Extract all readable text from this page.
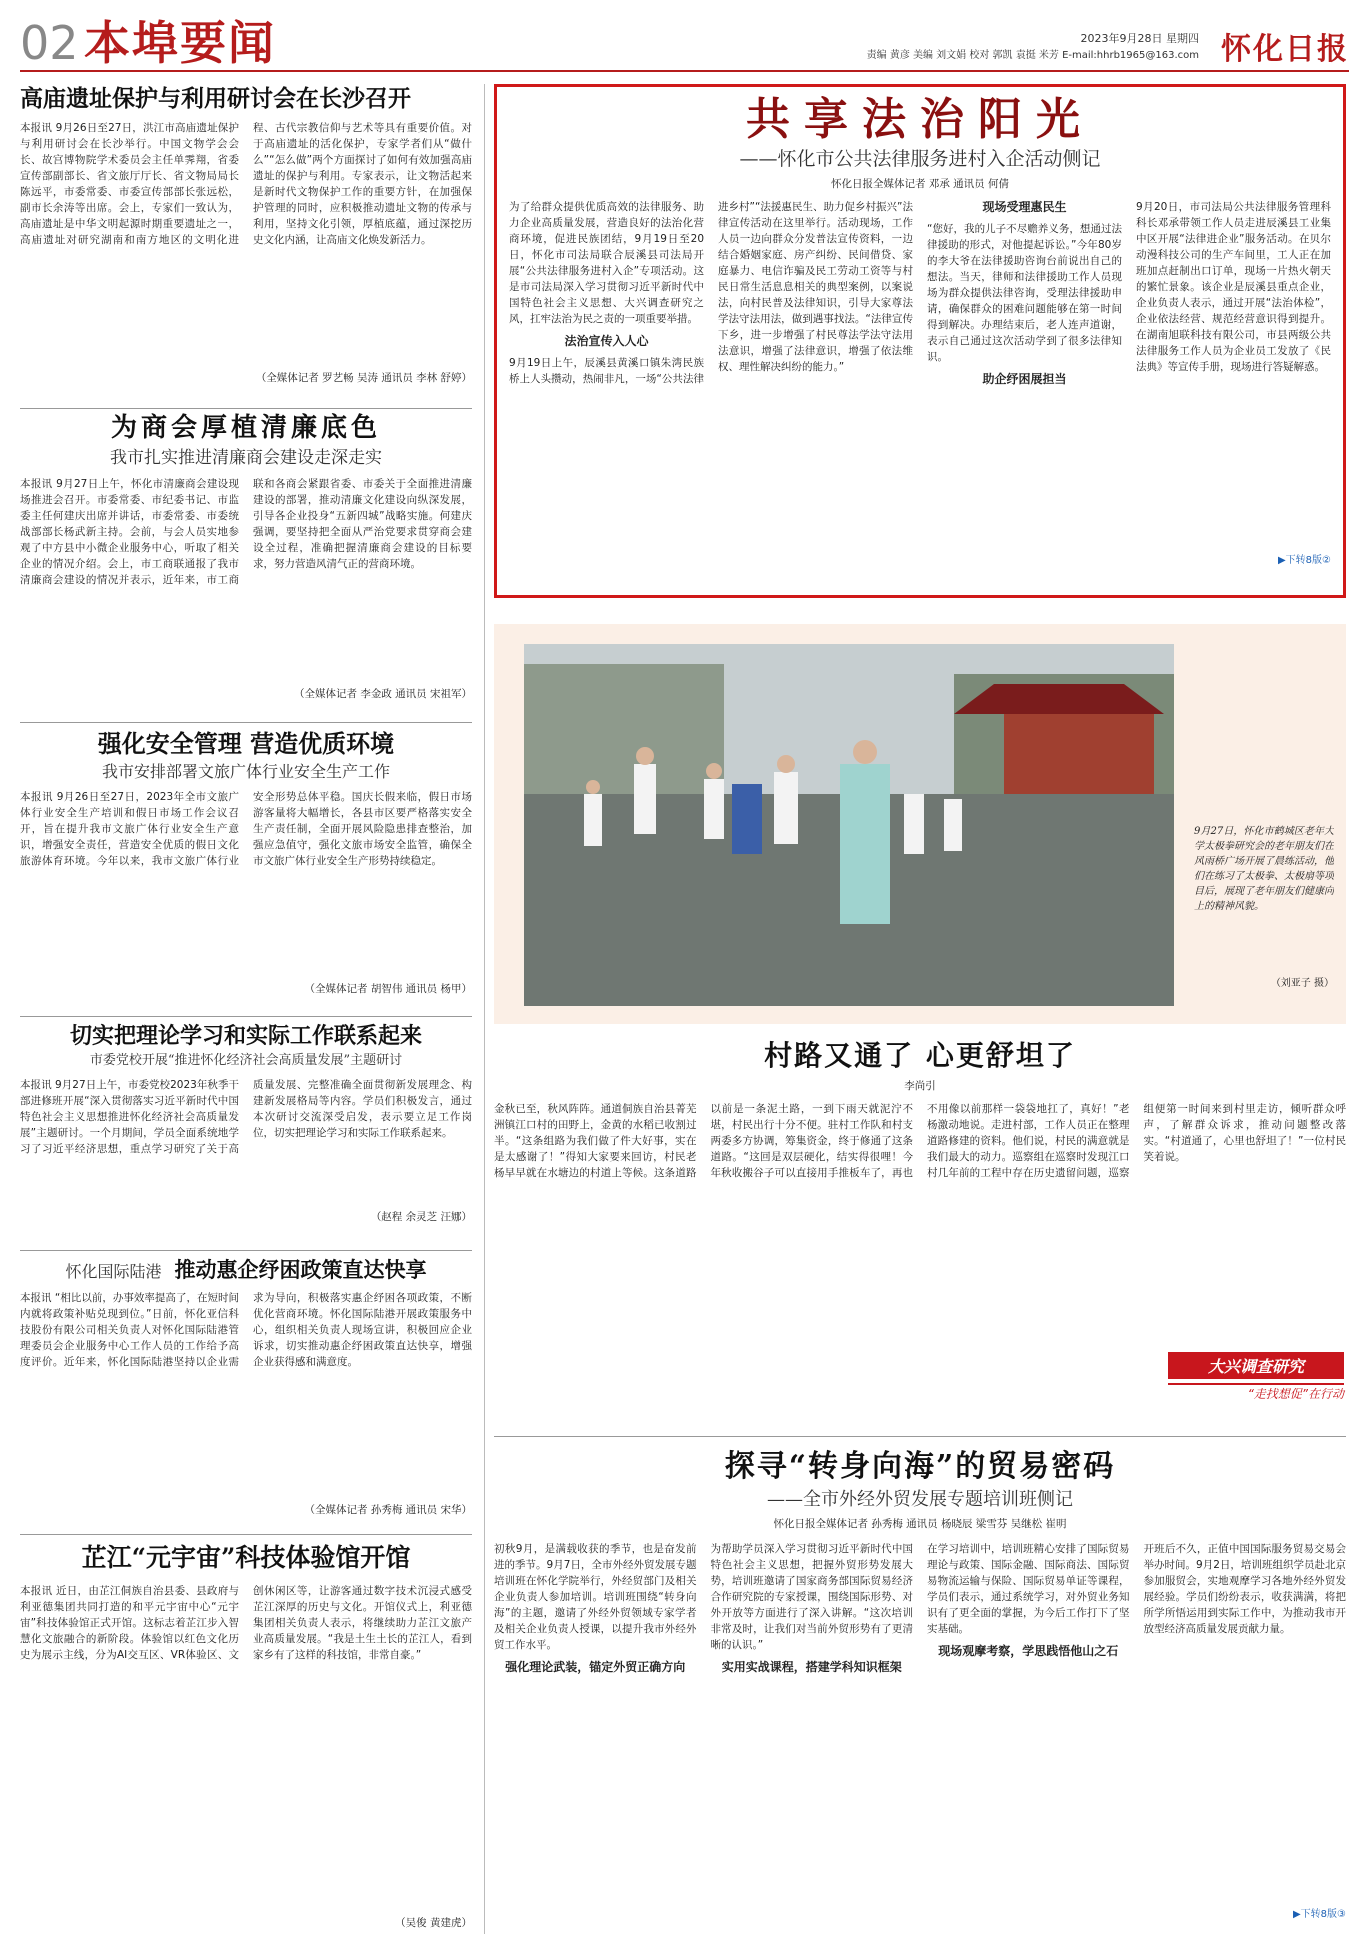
02 本埠要闻	2023年9月28日 星期四
责编 黄彦 美编 刘文娟 校对 郭凯 袁挺 米芳 E-mail:hhrb1965@163.com 怀化日报
高庙遗址保护与利用研讨会在长沙召开
本报讯 9月26日至27日，洪江市高庙遗址保护与利用研讨会在长沙举行。中国文物学会会长、故宫博物院学术委员会主任单霁翔，省委宣传部副部长、省文旅厅厅长、省文物局局长陈远平，市委常委、市委宣传部部长张远松，副市长余涛等出席。会上，专家们一致认为，高庙遗址是中华文明起源时期重要遗址之一，高庙遗址对研究湖南和南方地区的文明化进程、古代宗教信仰与艺术等具有重要价值。对于高庙遗址的活化保护，专家学者们从“做什么”“怎么做”两个方面探讨了如何有效加强高庙遗址的保护与利用。专家表示，让文物活起来是新时代文物保护工作的重要方针，在加强保护管理的同时，应积极推动遗址文物的传承与利用，坚持文化引领，厚植底蕴，通过深挖历史文化内涵，让高庙文化焕发新活力。
（全媒体记者 罗艺畅 吴涛 通讯员 李林 舒婷）
为商会厚植清廉底色
我市扎实推进清廉商会建设走深走实
本报讯 9月27日上午，怀化市清廉商会建设现场推进会召开。市委常委、市纪委书记、市监委主任何建庆出席并讲话，市委常委、市委统战部部长杨武新主持。会前，与会人员实地参观了中方县中小微企业服务中心，听取了相关企业的情况介绍。会上，市工商联通报了我市清廉商会建设的情况并表示，近年来，市工商联和各商会紧跟省委、市委关于全面推进清廉建设的部署，推动清廉文化建设向纵深发展，引导各企业投身“五新四城”战略实施。何建庆强调，要坚持把全面从严治党要求贯穿商会建设全过程，准确把握清廉商会建设的目标要求，努力营造风清气正的营商环境。
（全媒体记者 李金政 通讯员 宋祖军）
强化安全管理 营造优质环境
我市安排部署文旅广体行业安全生产工作
本报讯 9月26日至27日，2023年全市文旅广体行业安全生产培训和假日市场工作会议召开，旨在提升我市文旅广体行业安全生产意识，增强安全责任，营造安全优质的假日文化旅游体育环境。今年以来，我市文旅广体行业安全形势总体平稳。国庆长假来临，假日市场游客量将大幅增长，各县市区要严格落实安全生产责任制，全面开展风险隐患排查整治，加强应急值守，强化文旅市场安全监管，确保全市文旅广体行业安全生产形势持续稳定。
（全媒体记者 胡智伟 通讯员 杨甲）
切实把理论学习和实际工作联系起来
市委党校开展“推进怀化经济社会高质量发展”主题研讨
本报讯 9月27日上午，市委党校2023年秋季干部进修班开展“深入贯彻落实习近平新时代中国特色社会主义思想推进怀化经济社会高质量发展”主题研讨。一个月期间，学员全面系统地学习了习近平经济思想，重点学习研究了关于高质量发展、完整准确全面贯彻新发展理念、构建新发展格局等内容。学员们积极发言，通过本次研讨交流深受启发，表示要立足工作岗位，切实把理论学习和实际工作联系起来。
（赵程 余灵芝 汪娜）
怀化国际陆港 推动惠企纾困政策直达快享
本报讯 “相比以前，办事效率提高了，在短时间内就将政策补贴兑现到位。”日前，怀化亚信科技股份有限公司相关负责人对怀化国际陆港管理委员会企业服务中心工作人员的工作给予高度评价。近年来，怀化国际陆港坚持以企业需求为导向，积极落实惠企纾困各项政策，不断优化营商环境。怀化国际陆港开展政策服务中心，组织相关负责人现场宣讲，积极回应企业诉求，切实推动惠企纾困政策直达快享，增强企业获得感和满意度。
（全媒体记者 孙秀梅 通讯员 宋华）
芷江“元宇宙”科技体验馆开馆
本报讯 近日，由芷江侗族自治县委、县政府与利亚德集团共同打造的和平元宇宙中心“元宇宙”科技体验馆正式开馆。这标志着芷江步入智慧化文旅融合的新阶段。体验馆以红色文化历史为展示主线，分为AI交互区、VR体验区、文创休闲区等，让游客通过数字技术沉浸式感受芷江深厚的历史与文化。开馆仪式上，利亚德集团相关负责人表示，将继续助力芷江文旅产业高质量发展。“我是土生土长的芷江人，看到家乡有了这样的科技馆，非常自豪。”
（吴俊 黄建虎）
共享法治阳光
——怀化市公共法律服务进村入企活动侧记
怀化日报全媒体记者 邓承 通讯员 何倩

为了给群众提供优质高效的法律服务、助力企业高质量发展，营造良好的法治化营商环境，促进民族团结，9月19日至20日，怀化市司法局联合辰溪县司法局开展“公共法律服务进村入企”专项活动。这是市司法局深入学习贯彻习近平新时代中国特色社会主义思想、大兴调查研究之风，扛牢法治为民之责的一项重要举措。

法治宣传入人心

9月19日上午，辰溪县黄溪口镇朱湾民族桥上人头攒动，热闹非凡，一场“公共法律进乡村”“法援惠民生、助力促乡村振兴”法律宣传活动在这里举行。活动现场，工作人员一边向群众分发普法宣传资料，一边结合婚姻家庭、房产纠纷、民间借贷、家庭暴力、电信诈骗及民工劳动工资等与村民日常生活息息相关的典型案例，以案说法，向村民普及法律知识，引导大家尊法学法守法用法，做到遇事找法。“法律宣传下乡，进一步增强了村民尊法学法守法用法意识，增强了法律意识，增强了依法维权、理性解决纠纷的能力。”

现场受理惠民生

“您好，我的儿子不尽赡养义务，想通过法律援助的形式，对他提起诉讼。”今年80岁的李大爷在法律援助咨询台前说出自己的想法。当天，律师和法律援助工作人员现场为群众提供法律咨询，受理法律援助申请，确保群众的困难问题能够在第一时间得到解决。办理结束后，老人连声道谢，表示自己通过这次活动学到了很多法律知识。

助企纾困展担当

9月20日，市司法局公共法律服务管理科科长邓承带领工作人员走进辰溪县工业集中区开展“法律进企业”服务活动。在贝尔动漫科技公司的生产车间里，工人正在加班加点赶制出口订单，现场一片热火朝天的繁忙景象。该企业是辰溪县重点企业，企业负责人表示，通过开展“法治体检”，企业依法经营、规范经营意识得到提升。在湖南旭联科技有限公司，市县两级公共法律服务工作人员为企业员工发放了《民法典》等宣传手册，现场进行答疑解惑。

▶下转8版②
9月27日，怀化市鹤城区老年大学太极拳研究会的老年朋友们在风雨桥广场开展了晨练活动，他们在练习了太极拳、太极扇等项目后，展现了老年朋友们健康向上的精神风貌。
（刘亚子 摄）
村路又通了 心更舒坦了
李尚引
金秋已至，秋风阵阵。通道侗族自治县菁芜洲镇江口村的田野上，金黄的水稻已收割过半。“这条组路为我们做了件大好事，实在是太感谢了！”得知大家要来回访，村民老杨早早就在水塘边的村道上等候。这条道路以前是一条泥土路，一到下雨天就泥泞不堪，村民出行十分不便。驻村工作队和村支两委多方协调，筹集资金，终于修通了这条道路。“这回是双层硬化，结实得很哩！今年秋收搬谷子可以直接用手推板车了，再也不用像以前那样一袋袋地扛了，真好！”老杨激动地说。走进村部，工作人员正在整理道路修建的资料。他们说，村民的满意就是我们最大的动力。巡察组在巡察时发现江口村几年前的工程中存在历史遗留问题，巡察组便第一时间来到村里走访，倾听群众呼声，了解群众诉求，推动问题整改落实。“村道通了，心里也舒坦了！”一位村民笑着说。
大兴调查研究
“走找想促”在行动
探寻“转身向海”的贸易密码
——全市外经外贸发展专题培训班侧记
怀化日报全媒体记者 孙秀梅 通讯员 杨晓辰 梁雪芬 吴继松 崔明

初秋9月，是满载收获的季节，也是奋发前进的季节。9月7日，全市外经外贸发展专题培训班在怀化学院举行，外经贸部门及相关企业负责人参加培训。培训班围绕“转身向海”的主题，邀请了外经外贸领域专家学者及相关企业负责人授课，以提升我市外经外贸工作水平。

强化理论武装，锚定外贸正确方向

为帮助学员深入学习贯彻习近平新时代中国特色社会主义思想，把握外贸形势发展大势，培训班邀请了国家商务部国际贸易经济合作研究院的专家授课，围绕国际形势、对外开放等方面进行了深入讲解。“这次培训非常及时，让我们对当前外贸形势有了更清晰的认识。”

实用实战课程，搭建学科知识框架

在学习培训中，培训班精心安排了国际贸易理论与政策、国际金融、国际商法、国际贸易物流运输与保险、国际贸易单证等课程，学员们表示，通过系统学习，对外贸业务知识有了更全面的掌握，为今后工作打下了坚实基础。

现场观摩考察，学思践悟他山之石

开班后不久，正值中国国际服务贸易交易会举办时间。9月2日，培训班组织学员赴北京参加服贸会，实地观摩学习各地外经外贸发展经验。学员们纷纷表示，收获满满，将把所学所悟运用到实际工作中，为推动我市开放型经济高质量发展贡献力量。

▶下转8版③
